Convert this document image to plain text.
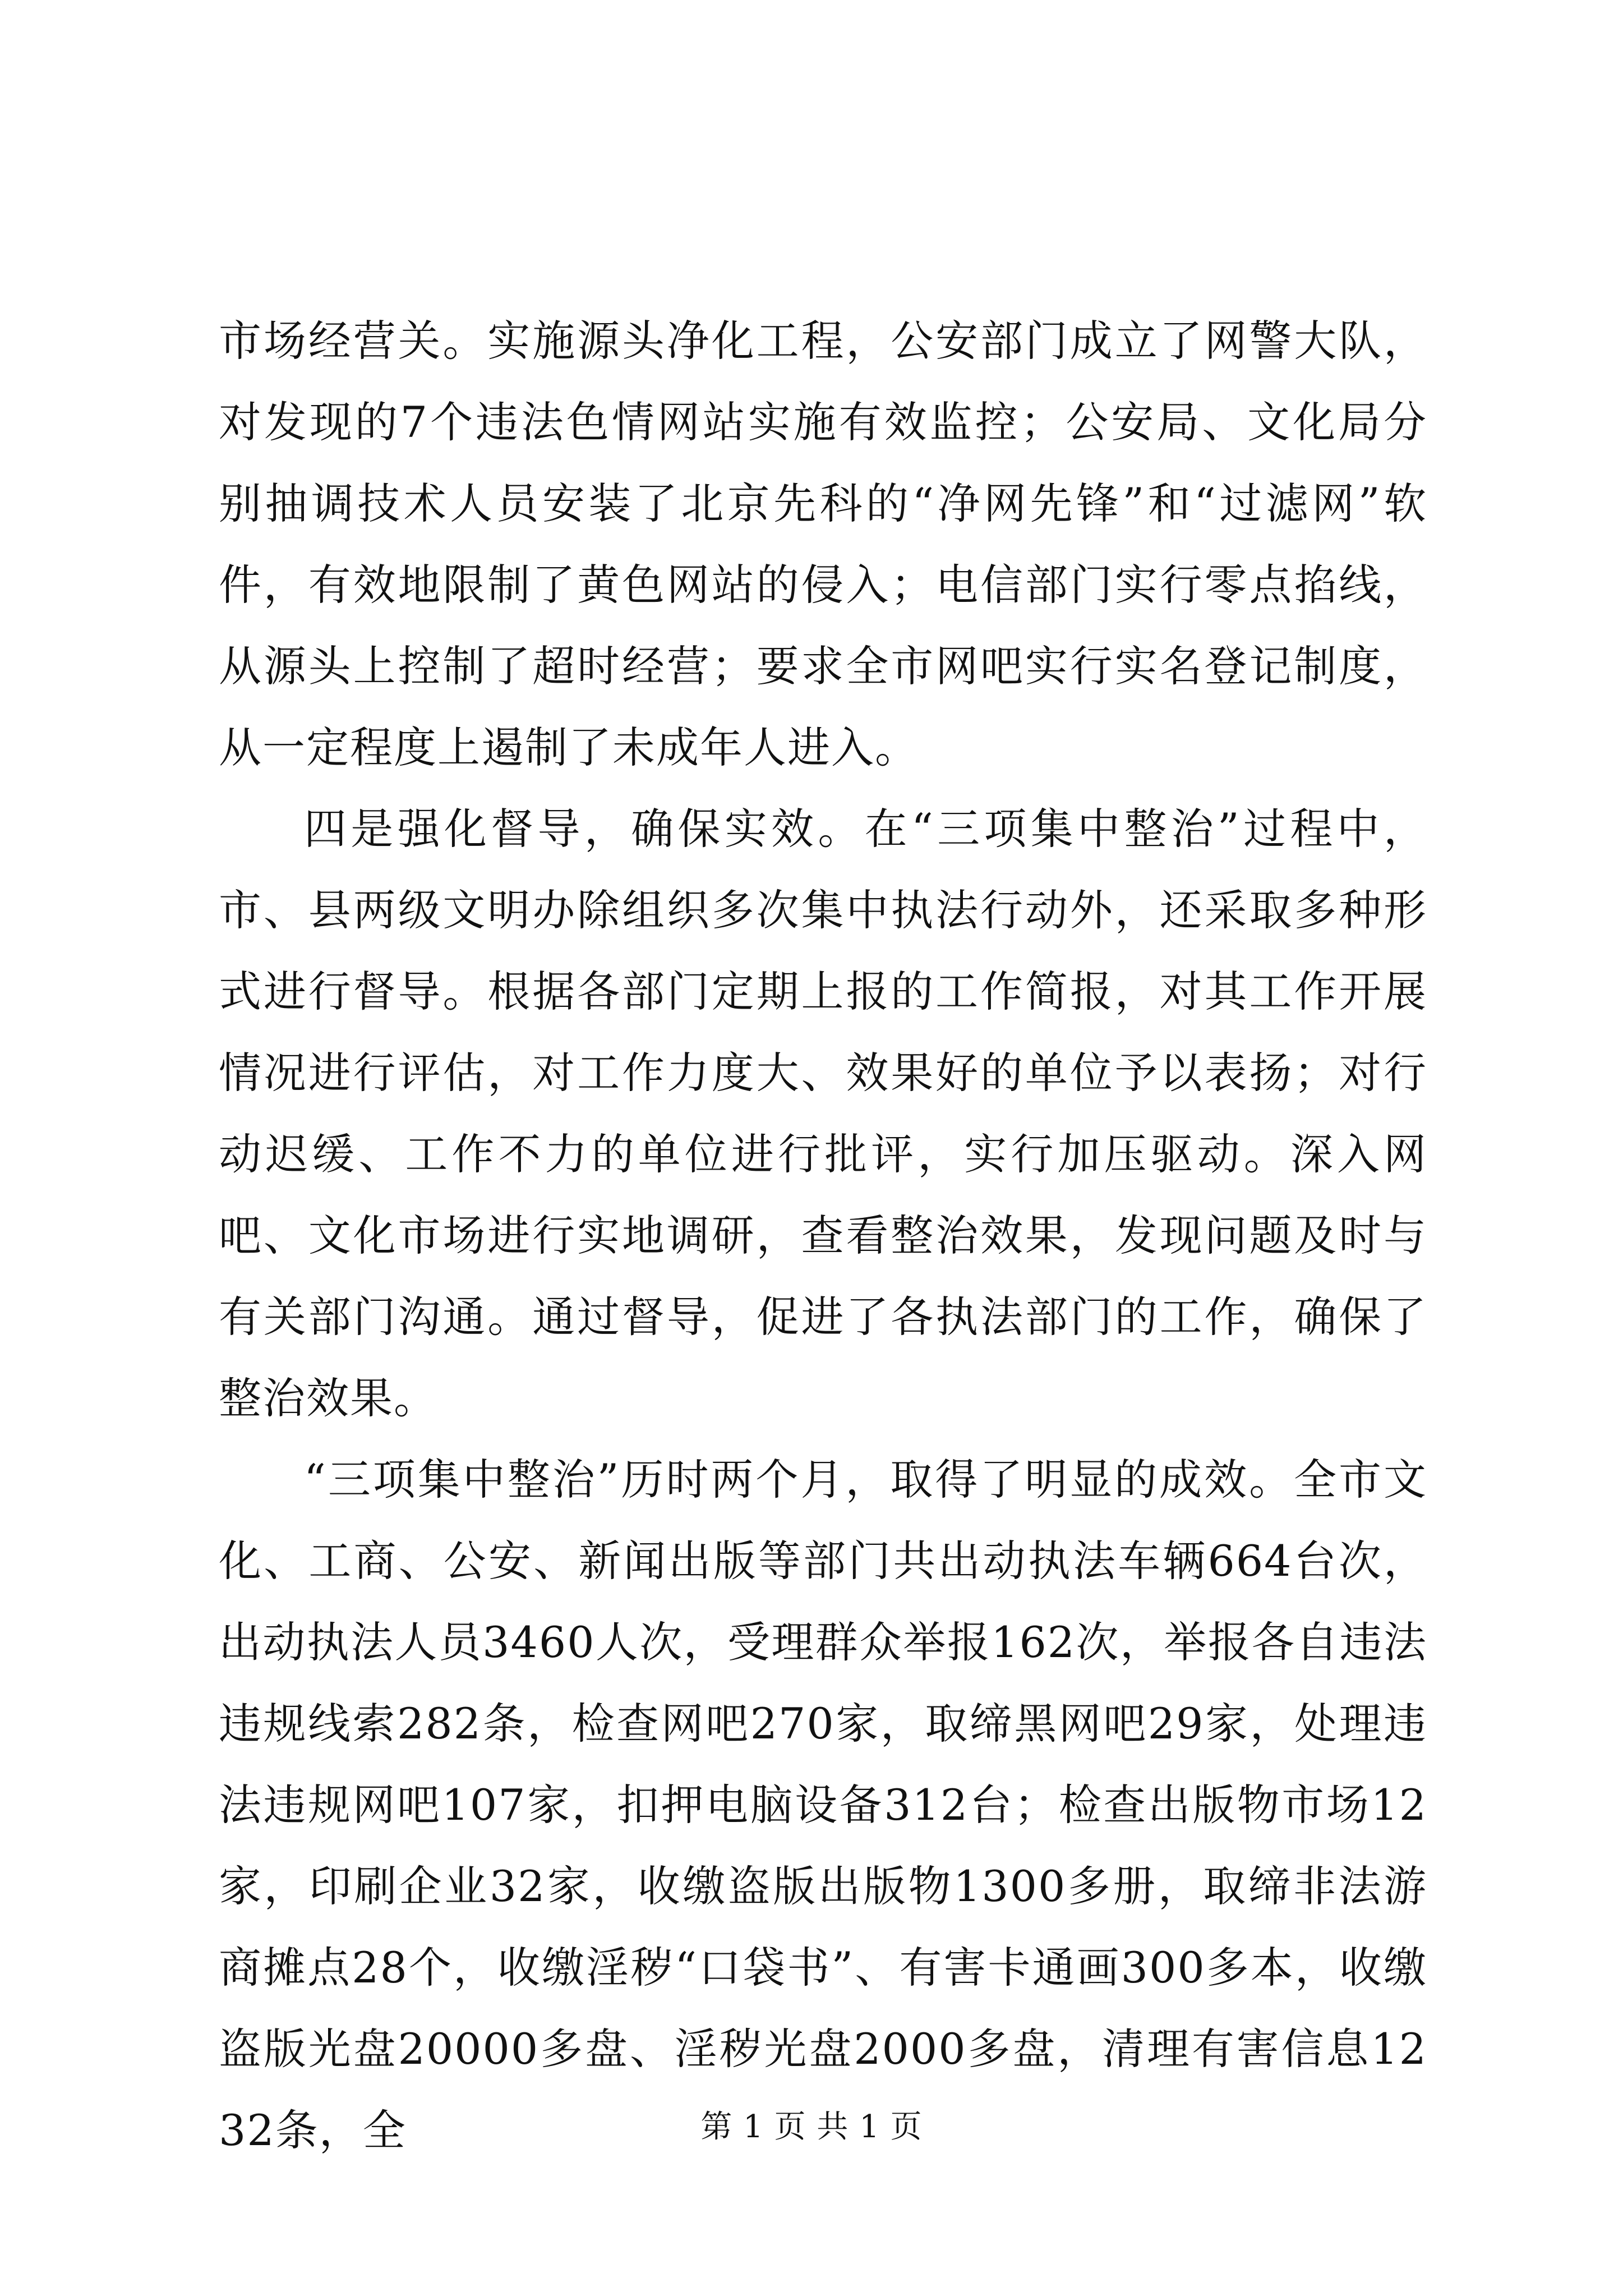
市场经营关。实施源头净化工程，公安部门成立了网警大队，对发现的7个违法色情网站实施有效监控；公安局、文化局分别抽调技术人员安装了北京先科的“净网先锋”和“过滤网”软件，有效地限制了黄色网站的侵入；电信部门实行零点掐线，从源头上控制了超时经营；要求全市网吧实行实名登记制度，从一定程度上遏制了未成年人进入。

四是强化督导，确保实效。在“三项集中整治”过程中，市、县两级文明办除组织多次集中执法行动外，还采取多种形式进行督导。根据各部门定期上报的工作简报，对其工作开展情况进行评估，对工作力度大、效果好的单位予以表扬；对行动迟缓、工作不力的单位进行批评，实行加压驱动。深入网吧、文化市场进行实地调研，查看整治效果，发现问题及时与有关部门沟通。通过督导，促进了各执法部门的工作，确保了整治效果。

“三项集中整治”历时两个月，取得了明显的成效。全市文化、工商、公安、新闻出版等部门共出动执法车辆664台次，出动执法人员3460人次，受理群众举报162次，举报各自违法违规线索282条，检查网吧270家，取缔黑网吧29家，处理违法违规网吧107家，扣押电脑设备312台；检查出版物市场12家，印刷企业32家，收缴盗版出版物1300多册，取缔非法游商摊点28个，收缴淫秽“口袋书”、有害卡通画300多本，收缴盗版光盘20000多盘、淫秽光盘2000多盘，清理有害信息1232条，全	第 1 页 共 1 页
